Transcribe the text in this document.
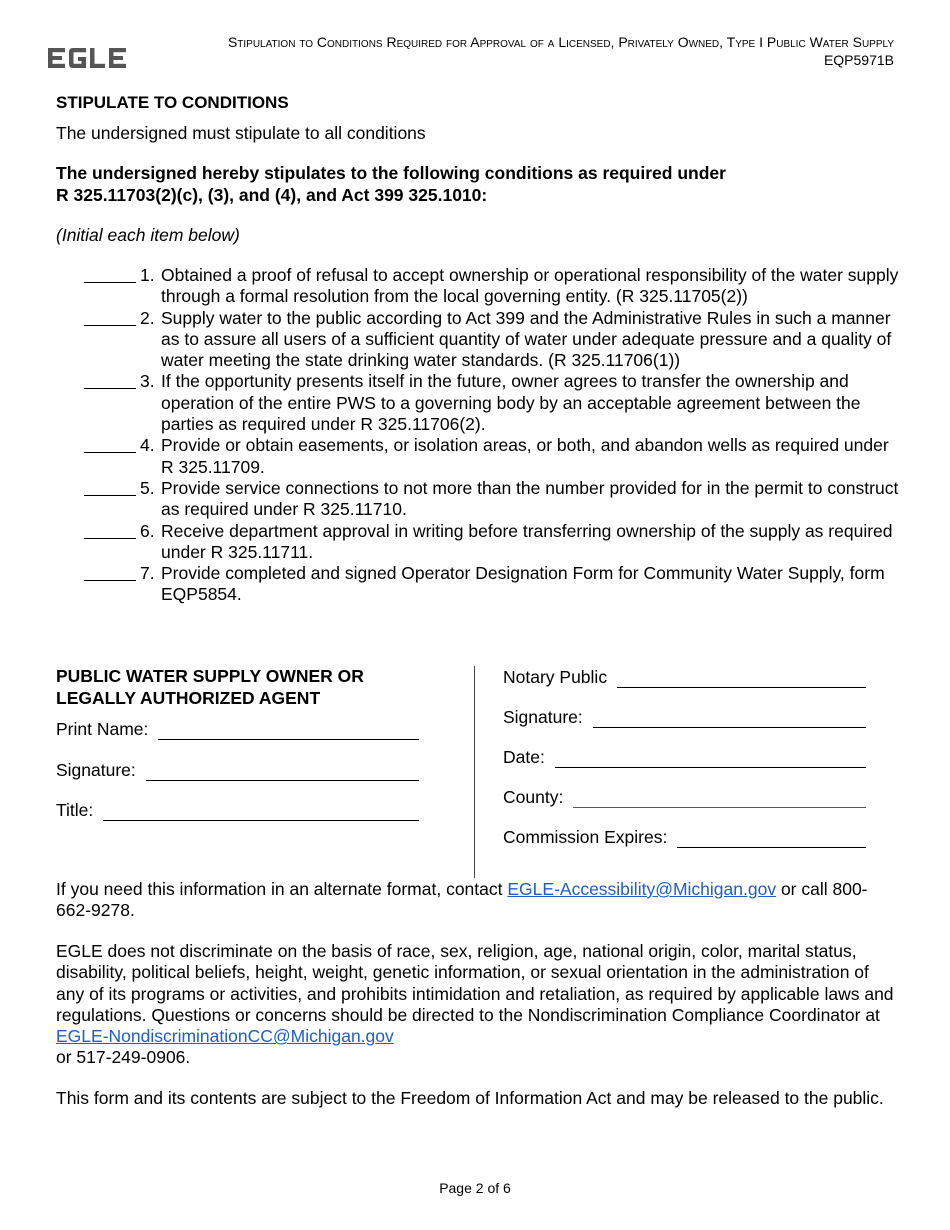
EGLE	Stipulation to Conditions Required for Approval of a Licensed, Privately Owned, Type I Public Water Supply
EQP5971B
STIPULATE TO CONDITIONS
The undersigned must stipulate to all conditions
The undersigned hereby stipulates to the following conditions as required under
R 325.11703(2)(c), (3), and (4), and Act 399 325.1010:
(Initial each item below)
1. Obtained a proof of refusal to accept ownership or operational responsibility of the water supply through a formal resolution from the local governing entity. (R 325.11705(2))
2. Supply water to the public according to Act 399 and the Administrative Rules in such a manner as to assure all users of a sufficient quantity of water under adequate pressure and a quality of water meeting the state drinking water standards. (R 325.11706(1))
3. If the opportunity presents itself in the future, owner agrees to transfer the ownership and operation of the entire PWS to a governing body by an acceptable agreement between the parties as required under R 325.11706(2).
4. Provide or obtain easements, or isolation areas, or both, and abandon wells as required under R 325.11709.
5. Provide service connections to not more than the number provided for in the permit to construct as required under R 325.11710.
6. Receive department approval in writing before transferring ownership of the supply as required under R 325.11711.
7. Provide completed and signed Operator Designation Form for Community Water Supply, form EQP5854.
PUBLIC WATER SUPPLY OWNER OR
LEGALLY AUTHORIZED AGENT
Print Name:
Signature:
Title:
Notary Public
Signature:
Date:
County:
Commission Expires:
If you need this information in an alternate format, contact EGLE-Accessibility@Michigan.gov or call 800-662-9278.
EGLE does not discriminate on the basis of race, sex, religion, age, national origin, color, marital status, disability, political beliefs, height, weight, genetic information, or sexual orientation in the administration of any of its programs or activities, and prohibits intimidation and retaliation, as required by applicable laws and regulations. Questions or concerns should be directed to the Nondiscrimination Compliance Coordinator at EGLE-NondiscriminationCC@Michigan.gov
or 517-249-0906.
This form and its contents are subject to the Freedom of Information Act and may be released to the public.
Page 2 of 6
